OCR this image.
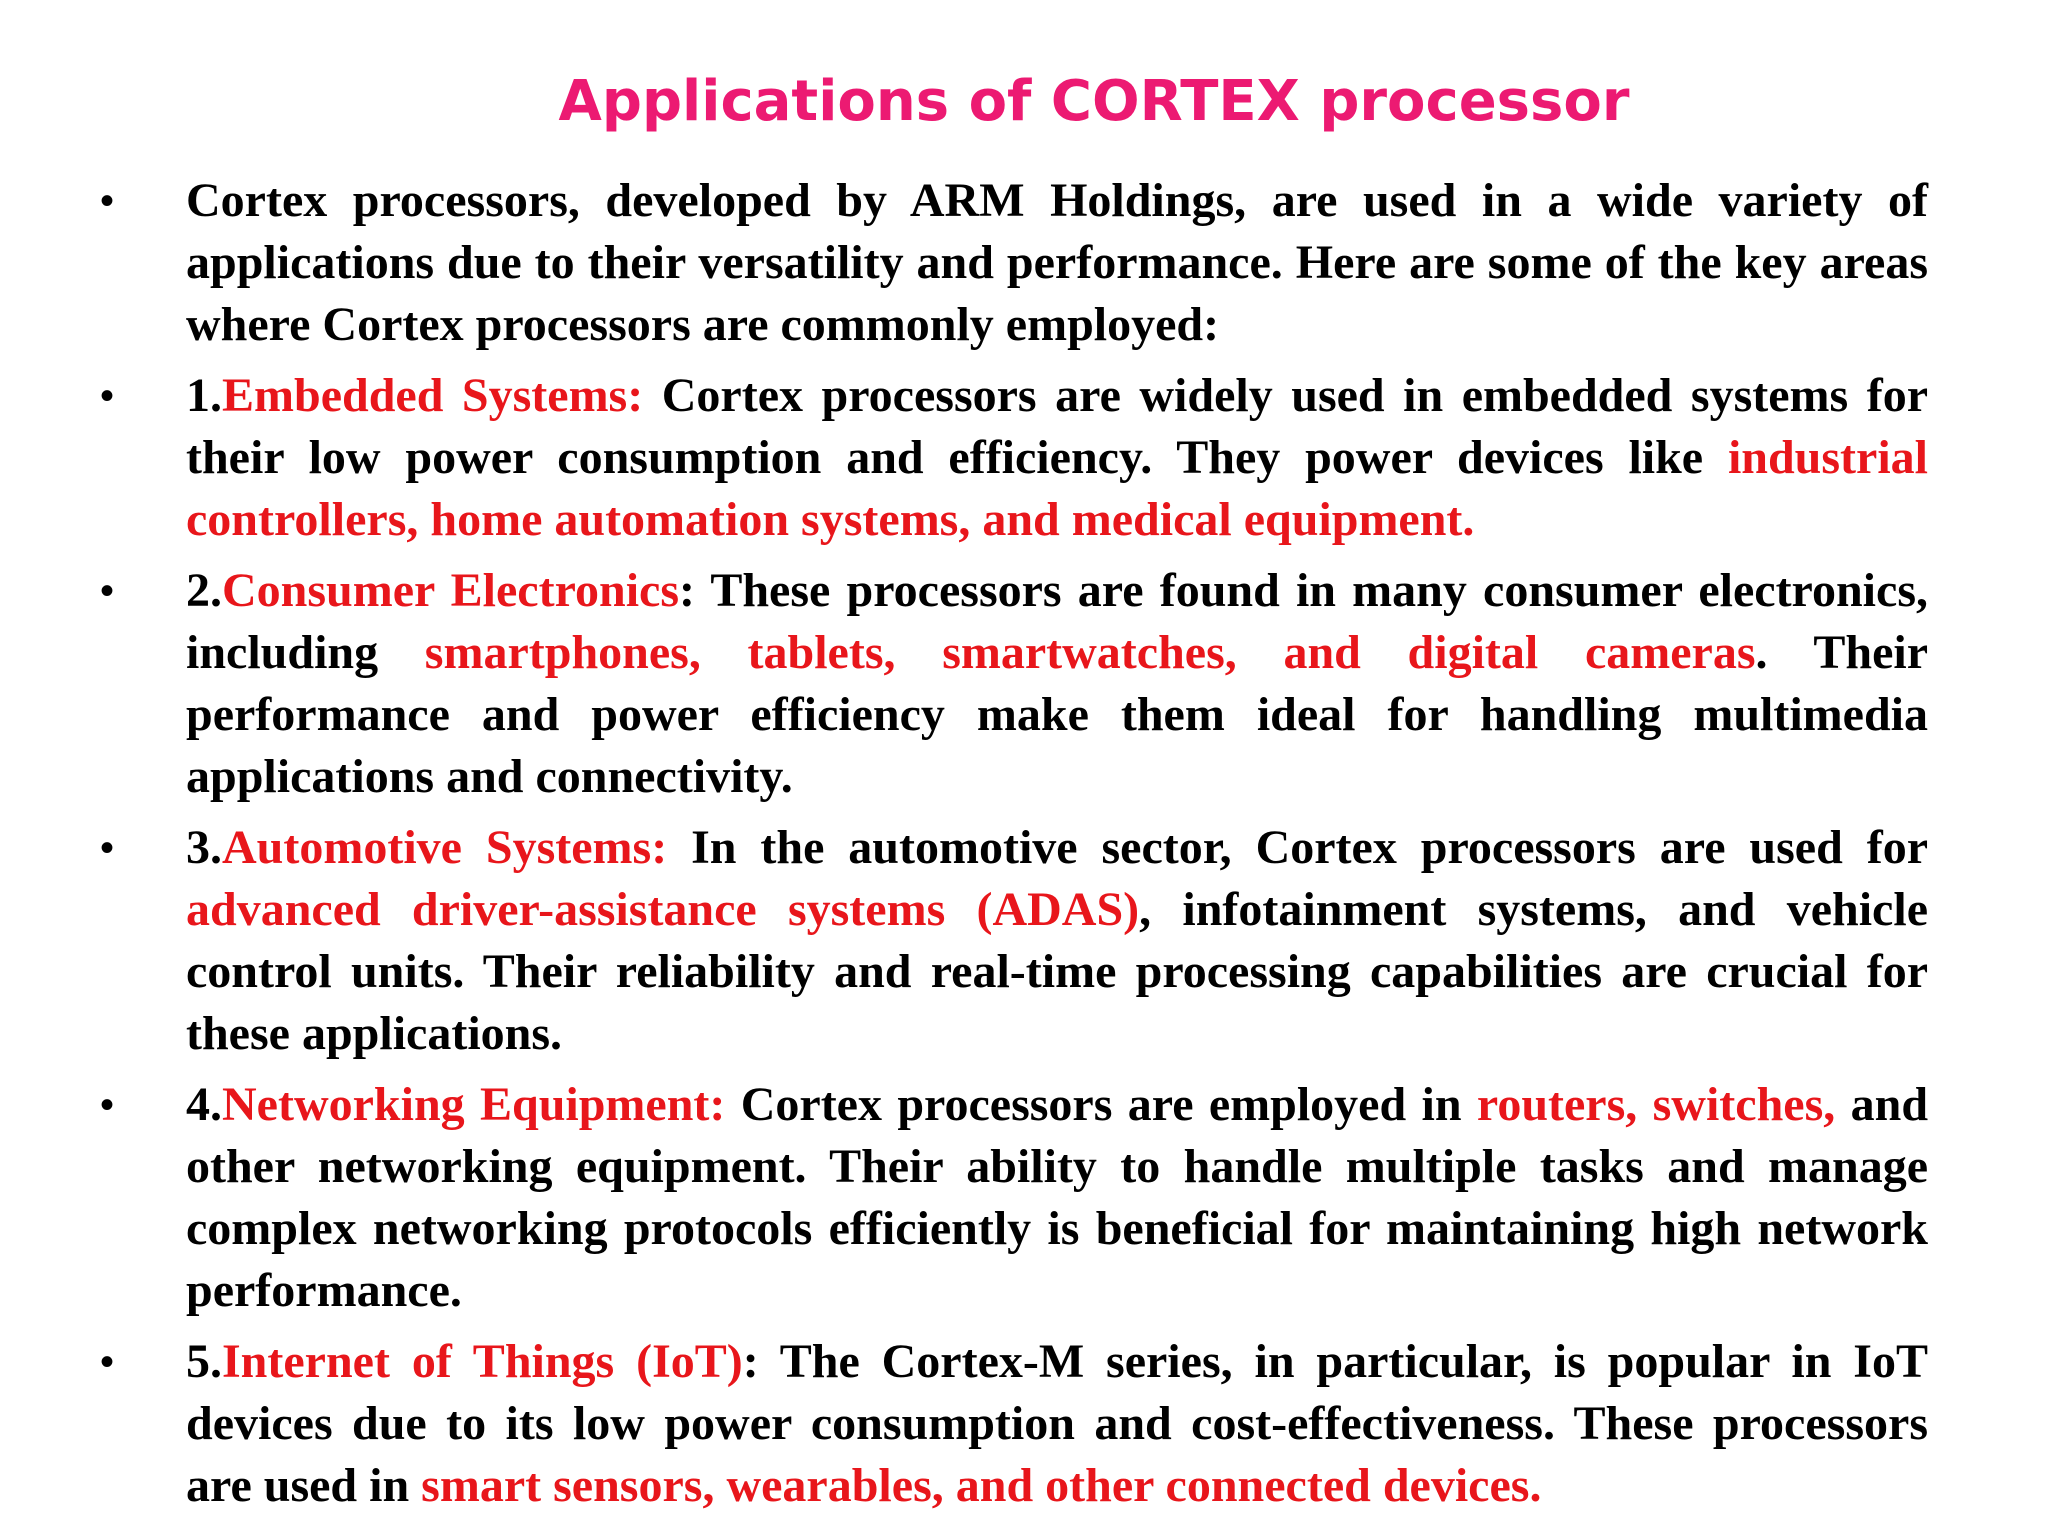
Applications of CORTEX processor
•	Cortex processors, developed by ARM Holdings, are used in a wide variety of applications due to their versatility and performance. Here are some of the key areas where Cortex processors are commonly employed:
•	1.Embedded Systems: Cortex processors are widely used in embedded systems for their low power consumption and efficiency. They power devices like industrial controllers, home automation systems, and medical equipment.
•	2.Consumer Electronics: These processors are found in many consumer electronics, including smartphones, tablets, smartwatches, and digital cameras. Their performance and power efficiency make them ideal for handling multimedia applications and connectivity.
•	3.Automotive Systems: In the automotive sector, Cortex processors are used for advanced driver-assistance systems (ADAS), infotainment systems, and vehicle control units. Their reliability and real-time processing capabilities are crucial for these applications.
•	4.Networking Equipment: Cortex processors are employed in routers, switches, and other networking equipment. Their ability to handle multiple tasks and manage complex networking protocols efficiently is beneficial for maintaining high network performance.
•	5.Internet of Things (IoT): The Cortex-M series, in particular, is popular in IoT devices due to its low power consumption and cost-effectiveness. These processors are used in smart sensors, wearables, and other connected devices.
